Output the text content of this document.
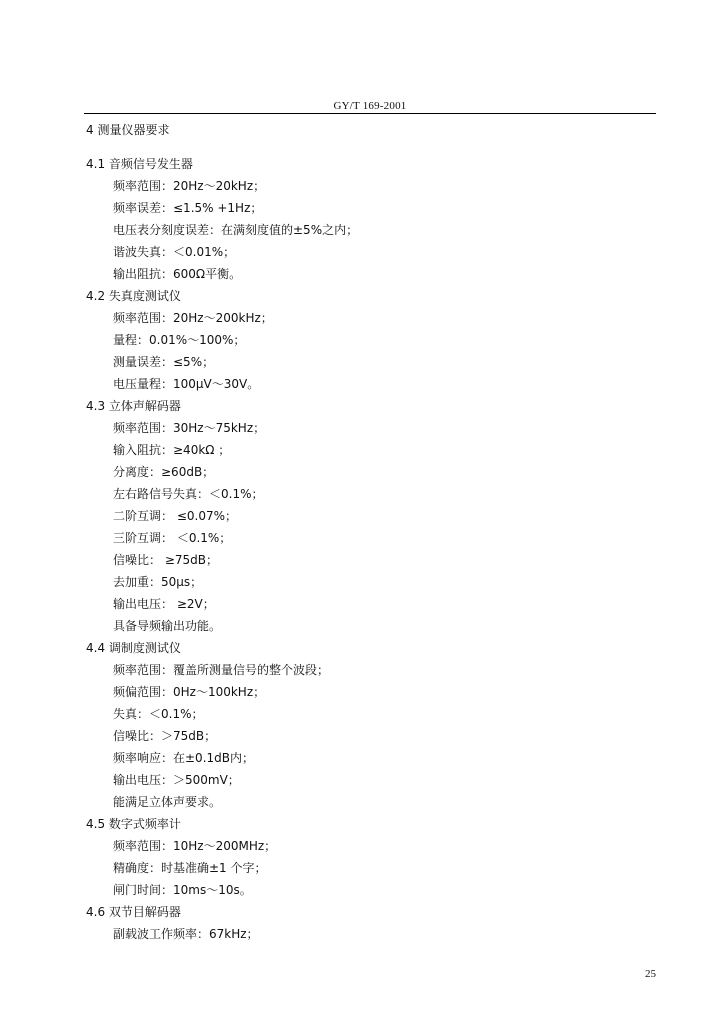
GY/T 169-2001
4 测量仪器要求
4.1 音频信号发生器
频率范围：20Hz～20kHz；
频率误差：≤1.5% +1Hz；
电压表分刻度误差：在满刻度值的±5%之内；
谐波失真：＜0.01%；
输出阻抗：600Ω平衡。
4.2 失真度测试仪
频率范围：20Hz～200kHz；
量程：0.01%～100%；
测量误差：≤5%；
电压量程：100μV～30V。
4.3 立体声解码器
频率范围：30Hz～75kHz；
输入阻抗：≥40kΩ ；
分离度：≥60dB；
左右路信号失真：＜0.1%；
二阶互调： ≤0.07%；
三阶互调： ＜0.1%；
信噪比： ≥75dB；
去加重：50μs；
输出电压： ≥2V；
具备导频输出功能。
4.4 调制度测试仪
频率范围：覆盖所测量信号的整个波段；
频偏范围：0Hz～100kHz；
失真：＜0.1%；
信噪比：＞75dB；
频率响应：在±0.1dB内；
输出电压：＞500mV；
能满足立体声要求。
4.5 数字式频率计
频率范围：10Hz～200MHz；
精确度：时基准确±1 个字；
闸门时间：10ms～10s。
4.6 双节目解码器
副载波工作频率：67kHz；
25
